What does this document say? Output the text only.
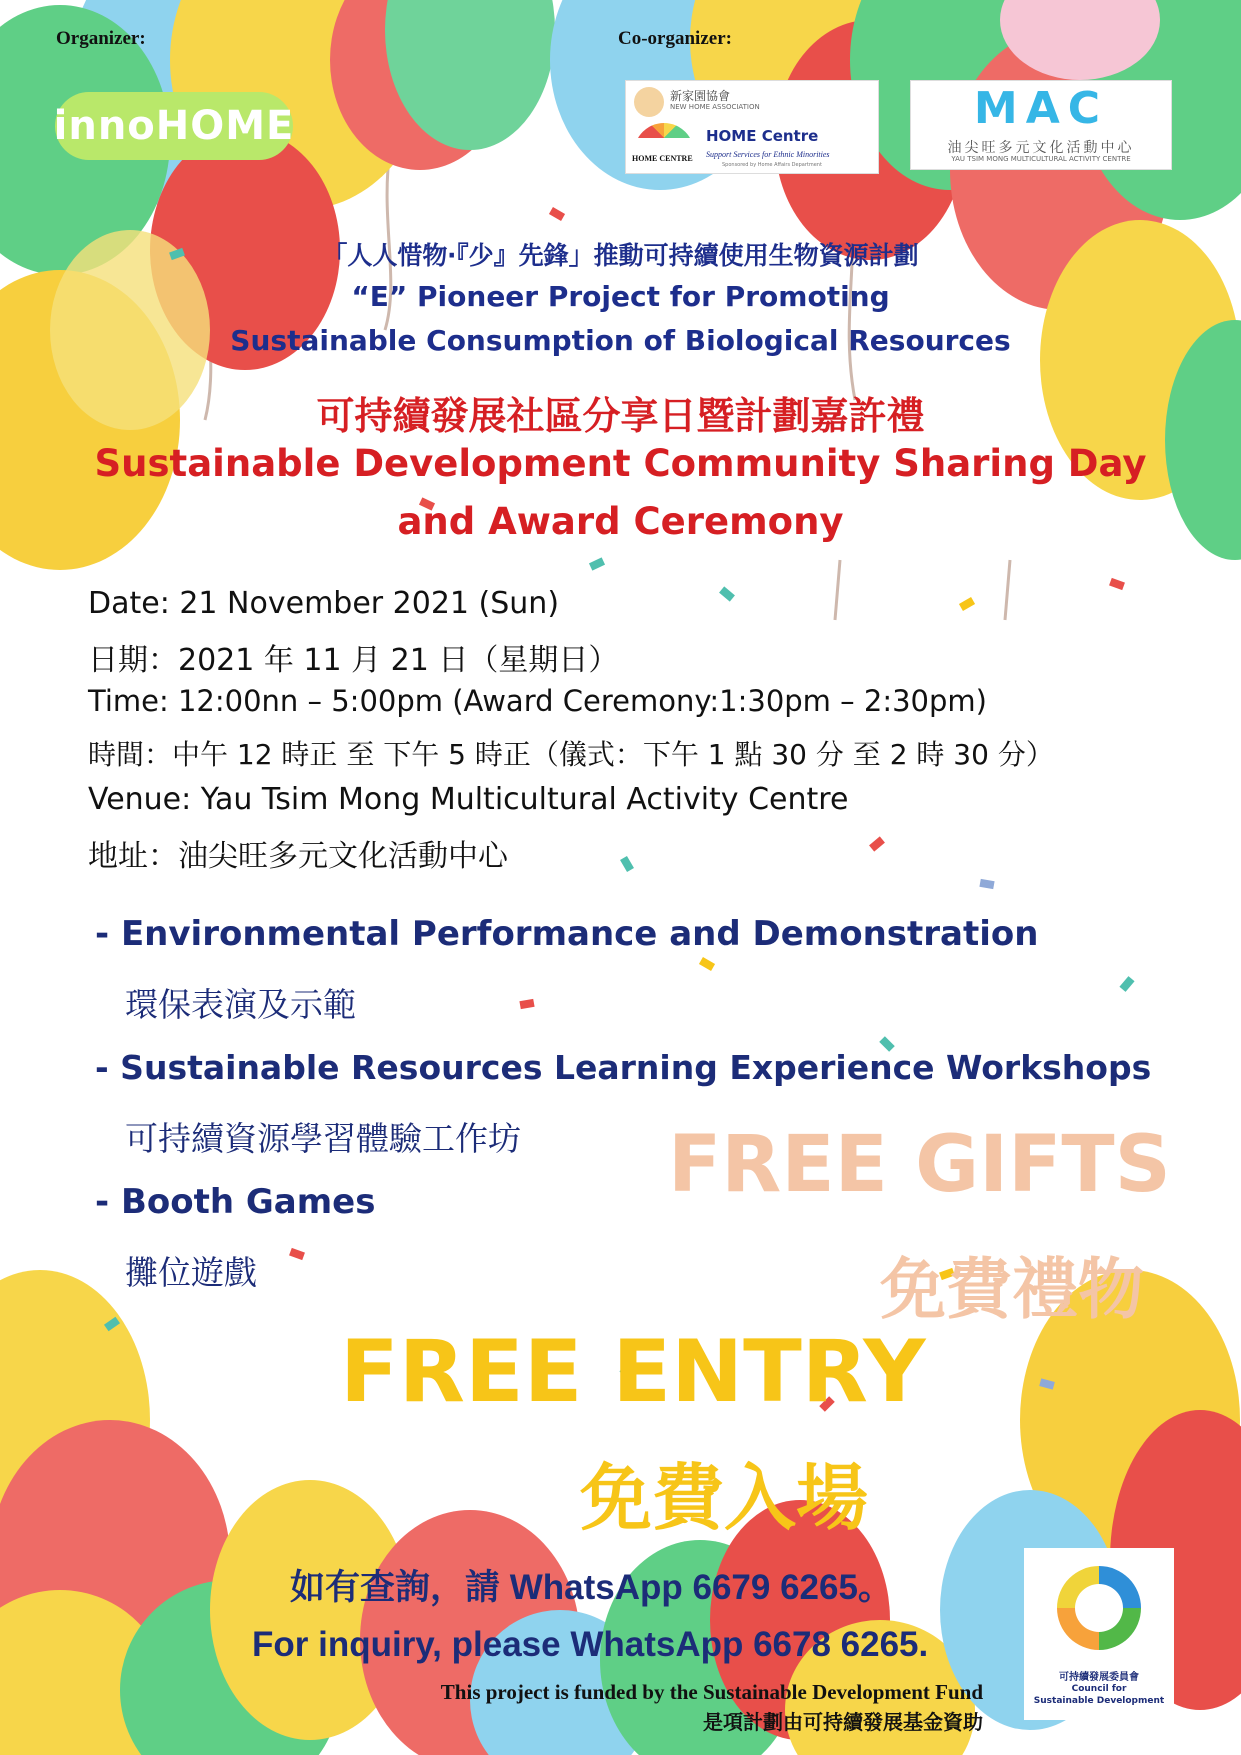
Organizer:	Co-organizer:
innoHOME
新家園協會
NEW HOME ASSOCIATION
HOME CENTRE
HOME Centre
Support Services for Ethnic Minorities
Sponsored by Home Affairs Department
MAC
油尖旺多元文化活動中心
YAU TSIM MONG MULTICULTURAL ACTIVITY CENTRE
「人人惜物‧『少』先鋒」推動可持續使用生物資源計劃
“E” Pioneer Project for Promoting
Sustainable Consumption of Biological Resources
可持續發展社區分享日暨計劃嘉許禮
Sustainable Development Community Sharing Day
and Award Ceremony
Date: 21 November 2021 (Sun)
日期：2021 年 11 月 21 日（星期日）
Time: 12:00nn – 5:00pm (Award Ceremony:1:30pm – 2:30pm)
時間：中午 12 時正 至 下午 5 時正（儀式：下午 1 點 30 分 至 2 時 30 分）
Venue: Yau Tsim Mong Multicultural Activity Centre
地址：油尖旺多元文化活動中心
- Environmental Performance and Demonstration
環保表演及示範
- Sustainable Resources Learning Experience Workshops
可持續資源學習體驗工作坊
- Booth Games
攤位遊戲
FREE GIFTS
免費禮物
FREE ENTRY
免費入場
如有查詢，請 WhatsApp 6679 6265。
For inquiry, please WhatsApp 6678 6265.
This project is funded by the Sustainable Development Fund
是項計劃由可持續發展基金資助
可持續發展委員會
Council for
Sustainable Development
